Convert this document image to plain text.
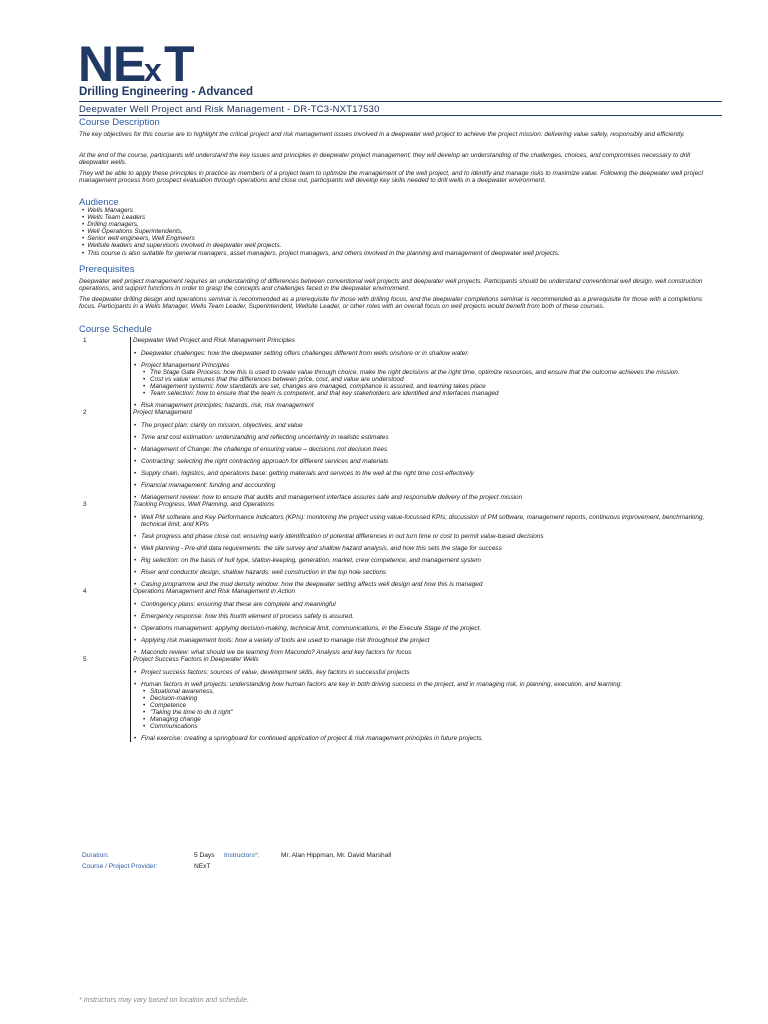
N E x T
Drilling Engineering - Advanced
Deepwater Well Project and Risk Management - DR-TC3-NXT17530
Course Description

The key objectives for this course are to highlight the critical project and risk management issues involved in a deepwater well project to achieve the project mission: delivering value safely, responsibly and efficiently.

At the end of the course, participants will understand the key issues and principles in deepwater project management; they will develop an understanding of the challenges, choices, and compromises necessary to drill deepwater wells.

They will be able to apply these principles in practice as members of a project team to optimize the management of the well project, and to identify and manage risks to maximize value. Following the deepwater well project management process from prospect evaluation through operations and close out, participants will develop key skills needed to drill wells in a deepwater environment.

Audience
• Wells Managers
• Wells Team Leaders
• Drilling managers,
• Well Operations Superintendents,
• Senior well engineers, Well Engineers
• Wellsite leaders and supervisors involved in deepwater well projects.
• This course is also suitable for general managers, asset managers, project managers, and others involved in the planning and management of deepwater well projects.
Prerequisites

Deepwater well project management requires an understanding of differences between conventional well projects and deepwater well projects. Participants should be understand conventional well design, well construction operations, and support functions in order to grasp the concepts and challenges faced in the deepwater environment.

The deepwater drilling design and operations seminar is recommended as a prerequisite for those with drilling focus, and the deepwater completions seminar is recommended as a prerequisite for those with a completions focus. Participants in a Wells Manager, Wells Team Leader, Superintendent, Wellsite Leader, or other roles with an overall focus on well projects would benefit from both of these courses.

Course Schedule
1	Deepwater Well Project and Risk Management Principles
• Deepwater challenges: how the deepwater setting offers challenges different from wells onshore or in shallow water.
• Project Management Principles
• The Stage Gate Process: how this is used to create value through choice, make the right decisions at the right time, optimize resources, and ensure that the outcome achieves the mission.
• Cost vs value: ensures that the differences between price, cost, and value are understood
• Management systems: how standards are set, changes are managed, compliance is assured, and learning takes place
• Team selection: how to ensure that the team is competent, and that key stakeholders are identified and interfaces managed
• Risk management principles; hazards, risk, risk management
2	Project Management
• The project plan: clarity on mission, objectives, and value
• Time and cost estimation: understanding and reflecting uncertainty in realistic estimates
• Management of Change: the challenge of ensuring value – decisions not decision trees
• Contracting: selecting the right contracting approach for different services and materials
• Supply chain, logistics, and operations base: getting materials and services to the well at the right time cost-effectively
• Financial management: funding and accounting
• Management review: how to ensure that audits and management interface assures safe and responsible delivery of the project mission
3	Tracking Progress, Well Planning, and Operations
• Well PM software and Key Performance Indicators (KPIs): monitoring the project using value-focussed KPIs; discussion of PM software, management reports, continuous improvement, benchmarking, technical limit, and KPIs
• Task progress and phase close out: ensuring early identification of potential differences in out turn time or cost to permit value-based decisions
• Well planning - Pre-drill data requirements: the site survey and shallow hazard analysis, and how this sets the stage for success
• Rig selection: on the basis of hull type, station-keeping, generation, market, crew competence, and management system
• Riser and conductor design, shallow hazards: well construction in the top hole sections
• Casing programme and the mud density window: how the deepwater setting affects well design and how this is managed
4	Operations Management and Risk Management in Action
• Contingency plans: ensuring that these are complete and meaningful
• Emergency response: how this fourth element of process safety is assured.
• Operations management: applying decision-making, technical limit, communications, in the Execute Stage of the project.
• Applying risk management tools: how a variety of tools are used to manage risk throughout the project
• Macondo review: what should we be learning from Macondo? Analysis and key factors for focus
5	Project Success Factors in Deepwater Wells
• Project success factors: sources of value, development skills, key factors in successful projects
• Human factors in well projects: understanding how human factors are key in both driving success in the project, and in managing risk, in planning, execution, and learning:
• Situational awareness,
• Decision-making
• Competence
• "Taking the time to do it right"
• Managing change
• Communications
• Final exercise: creating a springboard for continued application of project & risk management principles in future projects.
Duration:	5 Days Instructors*:	Mr. Alan Hippman, Mr. David Marshall
Course / Project Provider:	NExT
* Instructors may vary based on location and schedule.
